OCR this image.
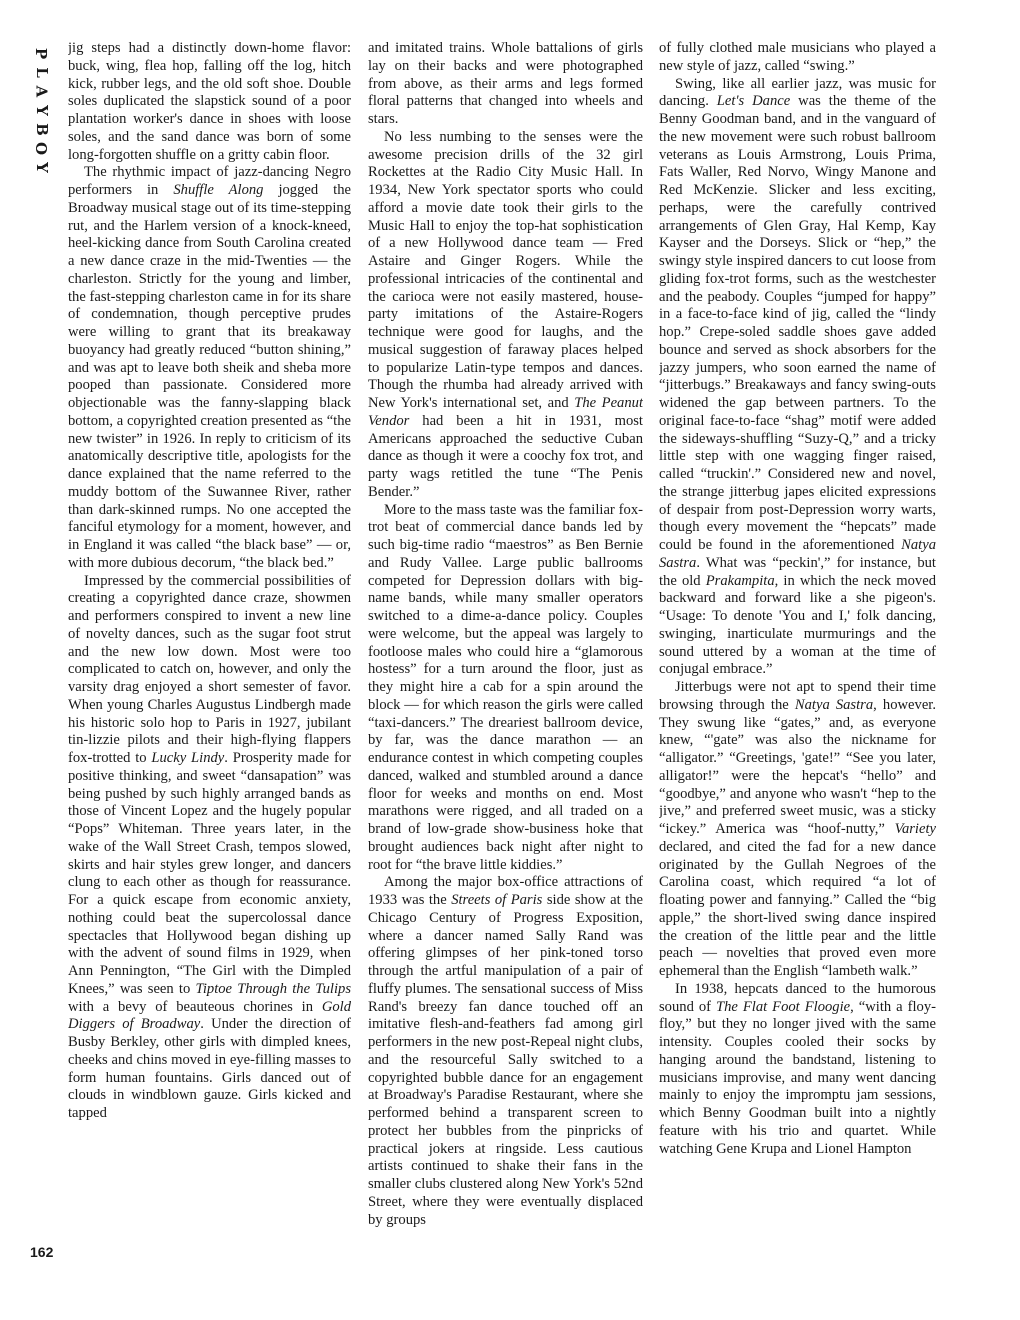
P
L
A
Y
B
O
Y

jig steps had a distinctly down-home flavor: buck, wing, flea hop, falling off the log, hitch kick, rubber legs, and the old soft shoe. Double soles duplicated the slapstick sound of a poor plantation worker's dance in shoes with loose soles, and the sand dance was born of some long-forgotten shuffle on a gritty cabin floor.

The rhythmic impact of jazz-dancing Negro performers in Shuffle Along jogged the Broadway musical stage out of its time-stepping rut, and the Harlem version of a knock-kneed, heel-kicking dance from South Carolina created a new dance craze in the mid-Twenties — the charleston. Strictly for the young and limber, the fast-stepping charleston came in for its share of condemnation, though perceptive prudes were willing to grant that its breakaway buoyancy had greatly reduced “button shining,” and was apt to leave both sheik and sheba more pooped than passionate. Considered more objectionable was the fanny-slapping black bottom, a copyrighted creation presented as “the new twister” in 1926. In reply to criticism of its anatomically descriptive title, apologists for the dance explained that the name referred to the muddy bottom of the Suwannee River, rather than dark-skinned rumps. No one accepted the fanciful etymology for a moment, however, and in England it was called “the black base” — or, with more dubious decorum, “the black bed.”

Impressed by the commercial possibilities of creating a copyrighted dance craze, showmen and performers conspired to invent a new line of novelty dances, such as the sugar foot strut and the new low down. Most were too complicated to catch on, however, and only the varsity drag enjoyed a short semester of favor. When young Charles Augustus Lindbergh made his historic solo hop to Paris in 1927, jubilant tin-lizzie pilots and their high-flying flappers fox-trotted to Lucky Lindy. Prosperity made for positive thinking, and sweet “dansapation” was being pushed by such highly arranged bands as those of Vincent Lopez and the hugely popular “Pops” Whiteman. Three years later, in the wake of the Wall Street Crash, tempos slowed, skirts and hair styles grew longer, and dancers clung to each other as though for reassurance. For a quick escape from economic anxiety, nothing could beat the supercolossal dance spectacles that Hollywood began dishing up with the advent of sound films in 1929, when Ann Pennington, “The Girl with the Dimpled Knees,” was seen to Tiptoe Through the Tulips with a bevy of beauteous chorines in Gold Diggers of Broadway. Under the direction of Busby Berkley, other girls with dimpled knees, cheeks and chins moved in eye-filling masses to form human fountains. Girls danced out of clouds in windblown gauze. Girls kicked and tapped

and imitated trains. Whole battalions of girls lay on their backs and were photographed from above, as their arms and legs formed floral patterns that changed into wheels and stars.

No less numbing to the senses were the awesome precision drills of the 32 girl Rockettes at the Radio City Music Hall. In 1934, New York spectator sports who could afford a movie date took their girls to the Music Hall to enjoy the top-hat sophistication of a new Hollywood dance team — Fred Astaire and Ginger Rogers. While the professional intricacies of the continental and the carioca were not easily mastered, house-party imitations of the Astaire-Rogers technique were good for laughs, and the musical suggestion of faraway places helped to popularize Latin-type tempos and dances. Though the rhumba had already arrived with New York's international set, and The Peanut Vendor had been a hit in 1931, most Americans approached the seductive Cuban dance as though it were a coochy fox trot, and party wags retitled the tune “The Penis Bender.”

More to the mass taste was the familiar fox-trot beat of commercial dance bands led by such big-time radio “maestros” as Ben Bernie and Rudy Vallee. Large public ballrooms competed for Depression dollars with big-name bands, while many smaller operators switched to a dime-a-dance policy. Couples were welcome, but the appeal was largely to footloose males who could hire a “glamorous hostess” for a turn around the floor, just as they might hire a cab for a spin around the block — for which reason the girls were called “taxi-dancers.” The dreariest ballroom device, by far, was the dance marathon — an endurance contest in which competing couples danced, walked and stumbled around a dance floor for weeks and months on end. Most marathons were rigged, and all traded on a brand of low-grade show-business hoke that brought audiences back night after night to root for “the brave little kiddies.”

Among the major box-office attractions of 1933 was the Streets of Paris side show at the Chicago Century of Progress Exposition, where a dancer named Sally Rand was offering glimpses of her pink-toned torso through the artful manipulation of a pair of fluffy plumes. The sensational success of Miss Rand's breezy fan dance touched off an imitative flesh-and-feathers fad among girl performers in the new post-Repeal night clubs, and the resourceful Sally switched to a copyrighted bubble dance for an engagement at Broadway's Paradise Restaurant, where she performed behind a transparent screen to protect her bubbles from the pinpricks of practical jokers at ringside. Less cautious artists continued to shake their fans in the smaller clubs clustered along New York's 52nd Street, where they were eventually displaced by groups

of fully clothed male musicians who played a new style of jazz, called “swing.”

Swing, like all earlier jazz, was music for dancing. Let's Dance was the theme of the Benny Goodman band, and in the vanguard of the new movement were such robust ballroom veterans as Louis Armstrong, Louis Prima, Fats Waller, Red Norvo, Wingy Manone and Red McKenzie. Slicker and less exciting, perhaps, were the carefully contrived arrangements of Glen Gray, Hal Kemp, Kay Kayser and the Dorseys. Slick or “hep,” the swingy style inspired dancers to cut loose from gliding fox-trot forms, such as the westchester and the peabody. Couples “jumped for happy” in a face-to-face kind of jig, called the “lindy hop.” Crepe-soled saddle shoes gave added bounce and served as shock absorbers for the jazzy jumpers, who soon earned the name of “jitterbugs.” Breakaways and fancy swing-outs widened the gap between partners. To the original face-to-face “shag” motif were added the sideways-shuffling “Suzy-Q,” and a tricky little step with one wagging finger raised, called “truckin'.” Considered new and novel, the strange jitterbug japes elicited expressions of despair from post-Depression worry warts, though every movement the “hepcats” made could be found in the aforementioned Natya Sastra. What was “peckin',” for instance, but the old Prakampita, in which the neck moved backward and forward like a she pigeon's. “Usage: To denote 'You and I,' folk dancing, swinging, inarticulate murmurings and the sound uttered by a woman at the time of conjugal embrace.”

Jitterbugs were not apt to spend their time browsing through the Natya Sastra, however. They swung like “gates,” and, as everyone knew, “'gate” was also the nickname for “alligator.” “Greetings, 'gate!” “See you later, alligator!” were the hepcat's “hello” and “goodbye,” and anyone who wasn't “hep to the jive,” and preferred sweet music, was a sticky “ickey.” America was “hoof-nutty,” Variety declared, and cited the fad for a new dance originated by the Gullah Negroes of the Carolina coast, which required “a lot of floating power and fannying.” Called the “big apple,” the short-lived swing dance inspired the creation of the little pear and the little peach — novelties that proved even more ephemeral than the English “lambeth walk.”

In 1938, hepcats danced to the humorous sound of The Flat Foot Floogie, “with a floy-floy,” but they no longer jived with the same intensity. Couples cooled their socks by hanging around the bandstand, listening to musicians improvise, and many went dancing mainly to enjoy the impromptu jam sessions, which Benny Goodman built into a nightly feature with his trio and quartet. While watching Gene Krupa and Lionel Hampton

162
